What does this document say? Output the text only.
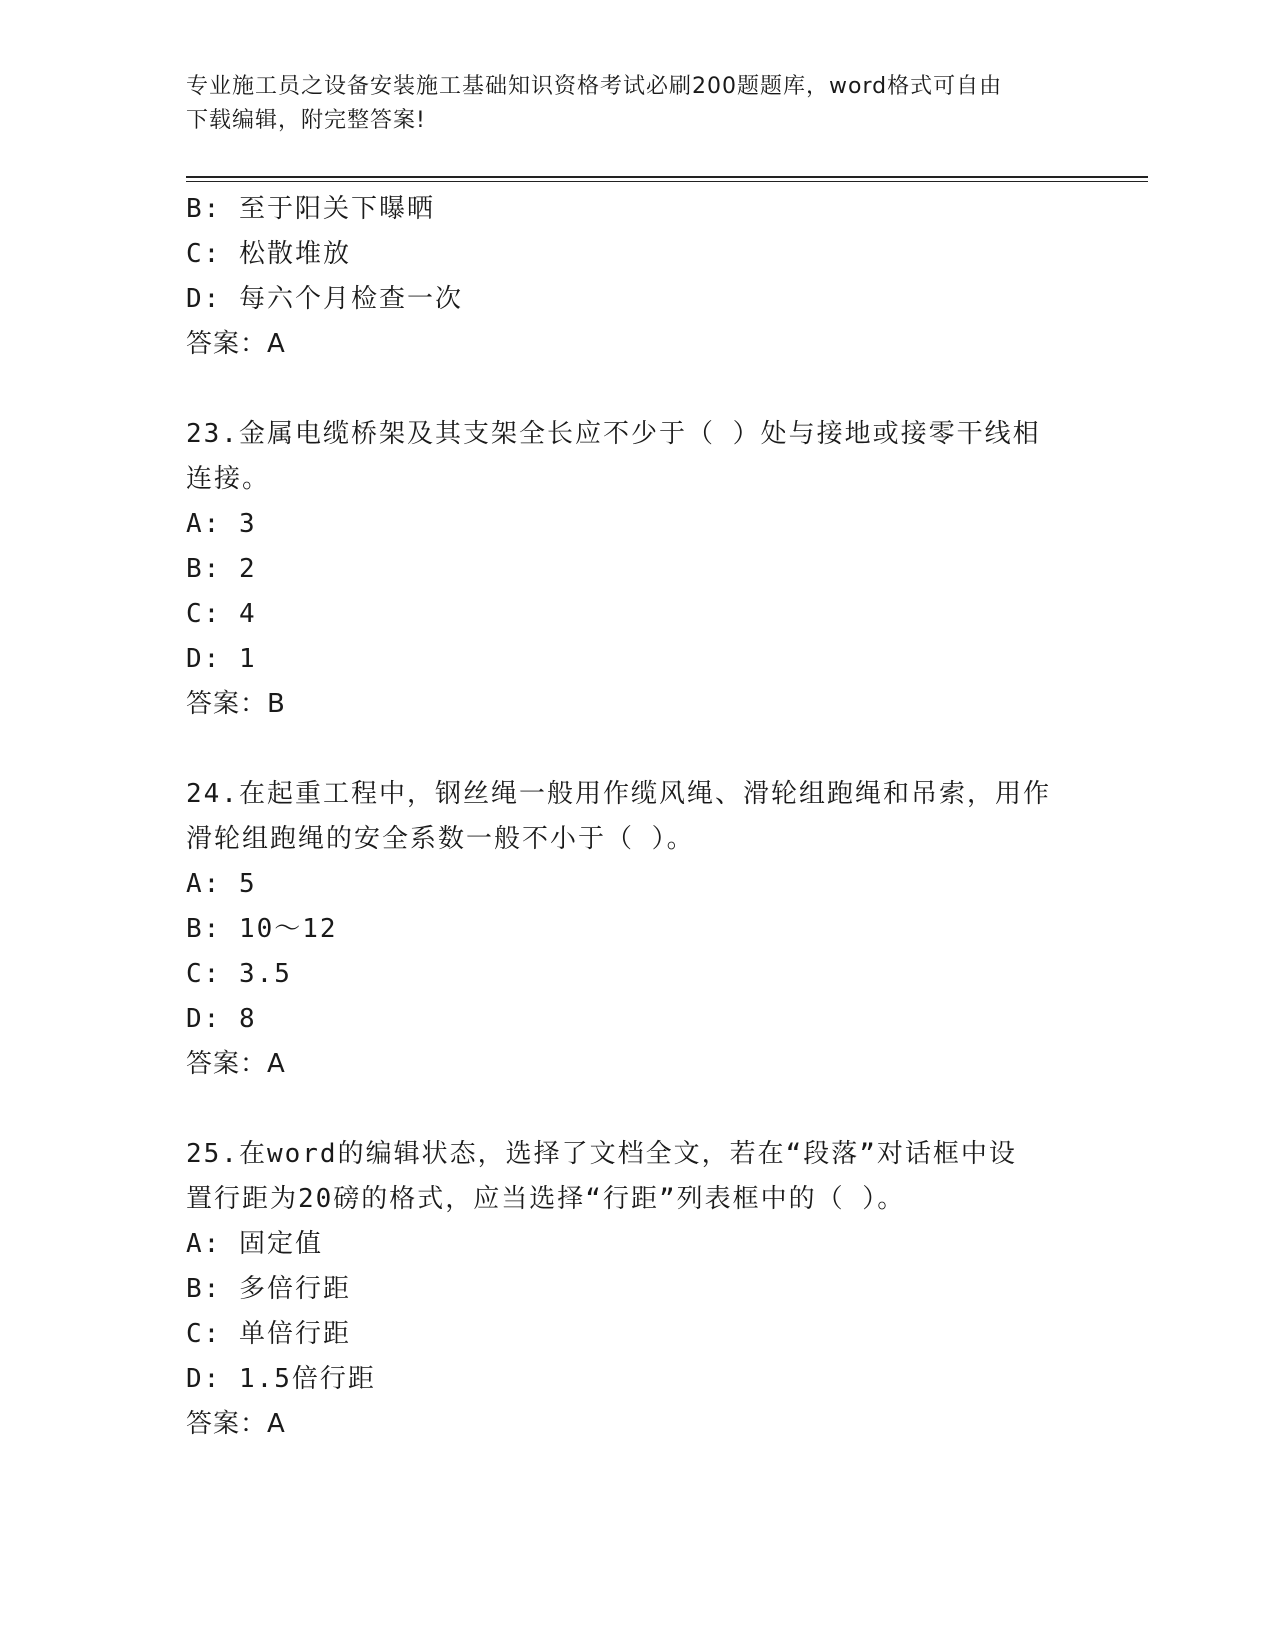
专业施工员之设备安装施工基础知识资格考试必刷200题题库，word格式可自由
下载编辑，附完整答案!
B: 至于阳关下曝晒
C: 松散堆放
D: 每六个月检查一次
答案：A
23.金属电缆桥架及其支架全长应不少于（ ）处与接地或接零干线相
连接。
A: 3
B: 2
C: 4
D: 1
答案：B
24.在起重工程中，钢丝绳一般用作缆风绳、滑轮组跑绳和吊索，用作
滑轮组跑绳的安全系数一般不小于（ ）。
A: 5
B: 10～12
C: 3.5
D: 8
答案：A
25.在word的编辑状态，选择了文档全文，若在“段落”对话框中设
置行距为20磅的格式，应当选择“行距”列表框中的（ ）。
A: 固定值
B: 多倍行距
C: 单倍行距
D: 1.5倍行距
答案：A
